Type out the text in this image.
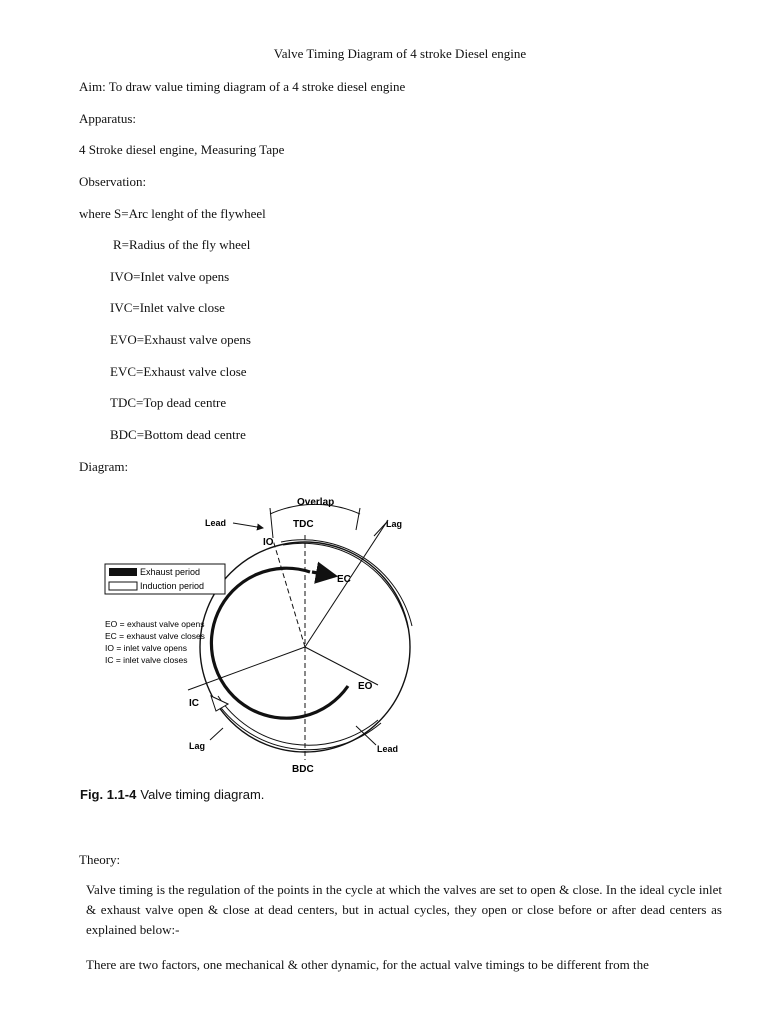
Valve Timing Diagram of 4 stroke Diesel engine
Aim: To draw value timing diagram of a 4 stroke diesel engine
Apparatus:
4 Stroke diesel engine, Measuring Tape
Observation:
where S=Arc lenght of the flywheel
R=Radius of the fly wheel
IVO=Inlet valve opens
IVC=Inlet valve close
EVO=Exhaust valve opens
EVC=Exhaust valve close
TDC=Top dead centre
BDC=Bottom dead centre
Diagram:
Overlap
TDC
Lead	Lag
IO
EC
EO
IC
Lag	Lead
BDC
Exhaust period
Induction period
EO = exhaust valve opens
EC = exhaust valve closes
IO = inlet valve opens
IC = inlet valve closes
Fig. 1.1-4 Valve timing diagram.
Theory:
Valve timing is the regulation of the points in the cycle at which the valves are set to open & close. In the ideal cycle inlet & exhaust valve open & close at dead centers, but in actual cycles, they open or close before or after dead centers as explained below:-
There are two factors, one mechanical & other dynamic, for the actual valve timings to be different from the
